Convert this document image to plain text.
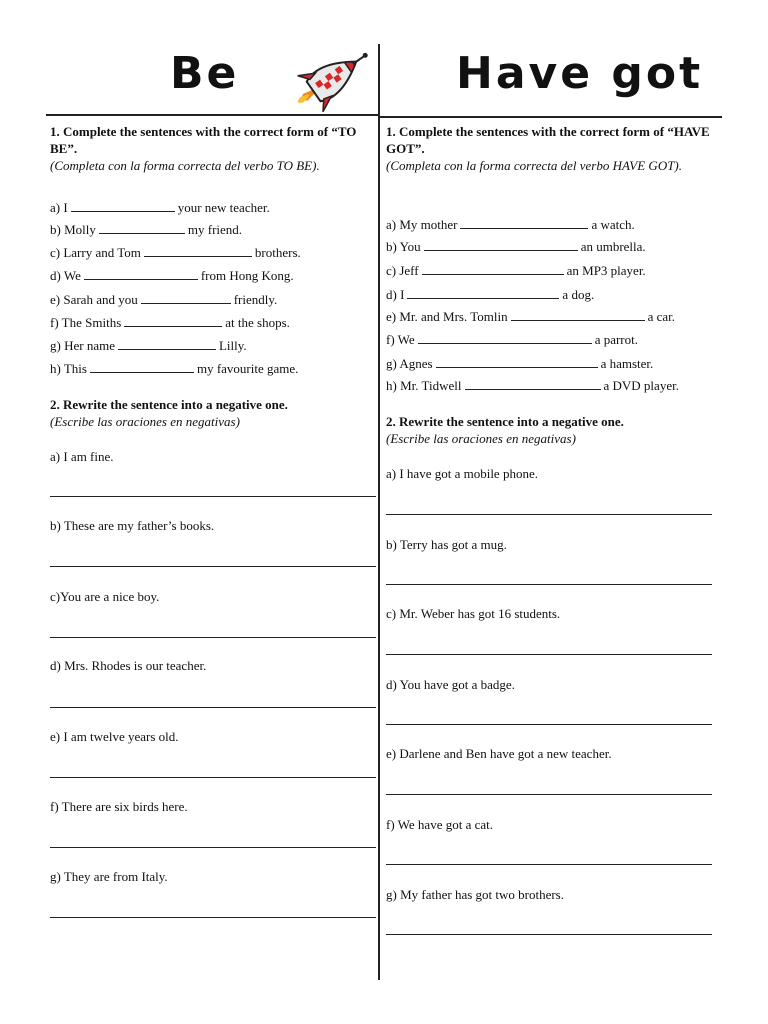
Be	Have got
1. Complete the sentences with the correct form of “TO BE”.
(Completa con la forma correcta del verbo TO BE).
a) I	your new teacher.
b) Molly	my friend.
c) Larry and Tom	brothers.
d) We	from Hong Kong.
e) Sarah and you	friendly.
f) The Smiths	at the shops.
g) Her name	Lilly.
h) This	my favourite game.
2. Rewrite the sentence into a negative one.
(Escribe las oraciones en negativas)
a) I am fine.
b) These are my father’s books.
c)You are a nice boy.
d) Mrs. Rhodes is our teacher.
e) I am twelve years old.
f) There are six birds here.
g) They are from Italy.
1. Complete the sentences with the correct form of “HAVE GOT”.
(Completa con la forma correcta del verbo HAVE GOT).
a) My mother	a watch.
b) You	an umbrella.
c) Jeff	an MP3 player.
d) I	a dog.
e) Mr. and Mrs. Tomlin	a car.
f) We	a parrot.
g) Agnes	a hamster.
h) Mr. Tidwell	a DVD player.
2. Rewrite the sentence into a negative one.
(Escribe las oraciones en negativas)
a) I have got a mobile phone.
b) Terry has got a mug.
c) Mr. Weber has got 16 students.
d) You have got a badge.
e) Darlene and Ben have got a new teacher.
f) We have got a cat.
g) My father has got two brothers.
